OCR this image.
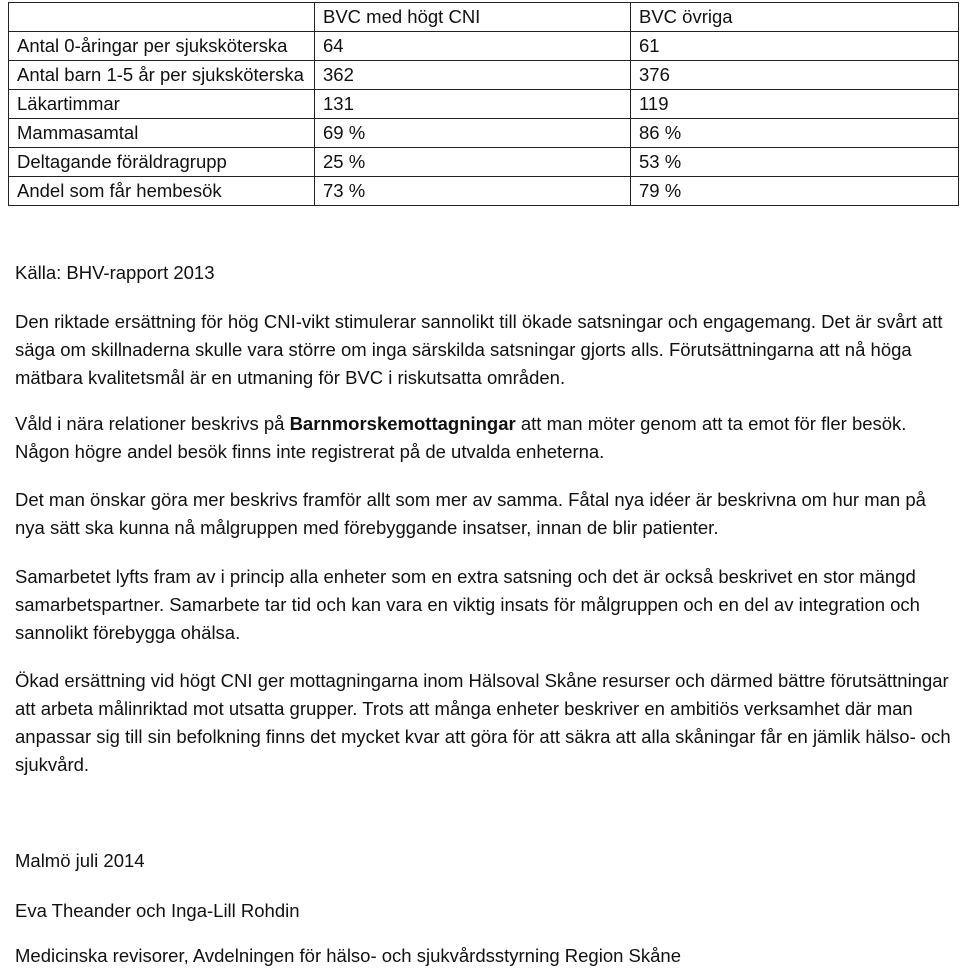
	BVC med högt CNI	BVC övriga
Antal 0-åringar per sjuksköterska	64	61
Antal barn 1-5 år per sjuksköterska	362	376
Läkartimmar	131	119
Mammasamtal	69 %	86 %
Deltagande föräldragrupp	25 %	53 %
Andel som får hembesök	73 %	79 %
Källa: BHV-rapport 2013

Den riktade ersättning för hög CNI-vikt stimulerar sannolikt till ökade satsningar och engagemang. Det är svårt att säga om skillnaderna skulle vara större om inga särskilda satsningar gjorts alls. Förutsättningarna att nå höga mätbara kvalitetsmål är en utmaning för BVC i riskutsatta områden.

Våld i nära relationer beskrivs på Barnmorskemottagningar att man möter genom att ta emot för fler besök. Någon högre andel besök finns inte registrerat på de utvalda enheterna.

Det man önskar göra mer beskrivs framför allt som mer av samma. Fåtal nya idéer är beskrivna om hur man på nya sätt ska kunna nå målgruppen med förebyggande insatser, innan de blir patienter.

Samarbetet lyfts fram av i princip alla enheter som en extra satsning och det är också beskrivet en stor mängd samarbetspartner. Samarbete tar tid och kan vara en viktig insats för målgruppen och en del av integration och sannolikt förebygga ohälsa.

Ökad ersättning vid högt CNI ger mottagningarna inom Hälsoval Skåne resurser och därmed bättre förutsättningar att arbeta målinriktad mot utsatta grupper. Trots att många enheter beskriver en ambitiös verksamhet där man anpassar sig till sin befolkning finns det mycket kvar att göra för att säkra att alla skåningar får en jämlik hälso- och sjukvård.

Malmö juli 2014

Eva Theander och Inga-Lill Rohdin

Medicinska revisorer, Avdelningen för hälso- och sjukvårdsstyrning Region Skåne
